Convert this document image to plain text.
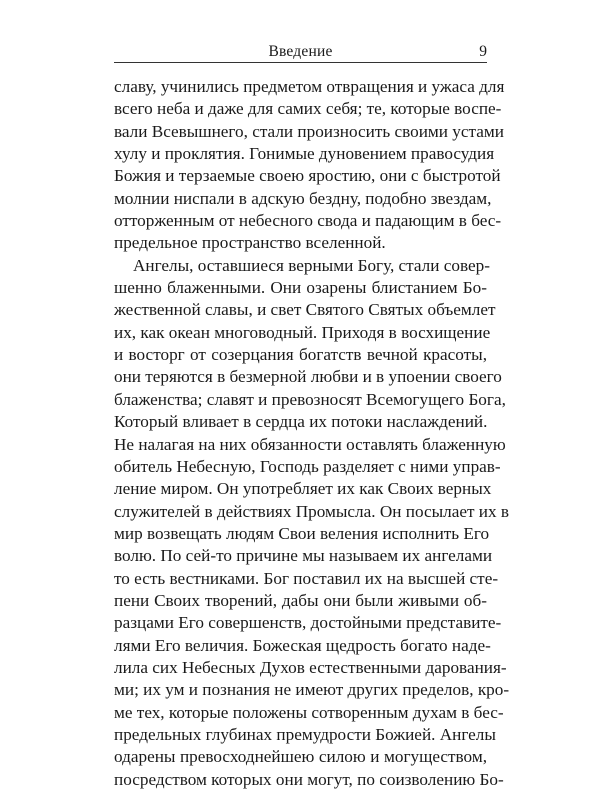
Введение	9
славу, учинились предметом отвращения и ужаса для
всего неба и даже для самих себя; те, которые воспе-
вали Всевышнего, стали произносить своими устами
хулу и проклятия. Гонимые дуновением правосудия
Божия и терзаемые своею яростию, они с быстротой
молнии ниспали в адскую бездну, подобно звездам,
отторженным от небесного свода и падающим в бес-
предельное пространство вселенной.
Ангелы, оставшиеся верными Богу, стали совер-
шенно блаженными. Они озарены блистанием Бо-
жественной славы, и свет Святого Святых объемлет
их, как океан многоводный. Приходя в восхищение
и восторг от созерцания богатств вечной красоты,
они теряются в безмерной любви и в упоении своего
блаженства; славят и превозносят Всемогущего Бога,
Который вливает в сердца их потоки наслаждений.
Не налагая на них обязанности оставлять блаженную
обитель Небесную, Господь разделяет с ними управ-
ление миром. Он употребляет их как Своих верных
служителей в действиях Промысла. Он посылает их в
мир возвещать людям Свои веления исполнить Его
волю. По сей-то причине мы называем их ангелами
то есть вестниками. Бог поставил их на высшей сте-
пени Своих творений, дабы они были живыми об-
разцами Его совершенств, достойными представите-
лями Его величия. Божеская щедрость богато наде-
лила сих Небесных Духов естественными дарования-
ми; их ум и познания не имеют других пределов, кро-
ме тех, которые положены сотворенным духам в бес-
предельных глубинах премудрости Божией. Ангелы
одарены превосходнейшею силою и могуществом,
посредством которых они могут, по соизволению Бо-
